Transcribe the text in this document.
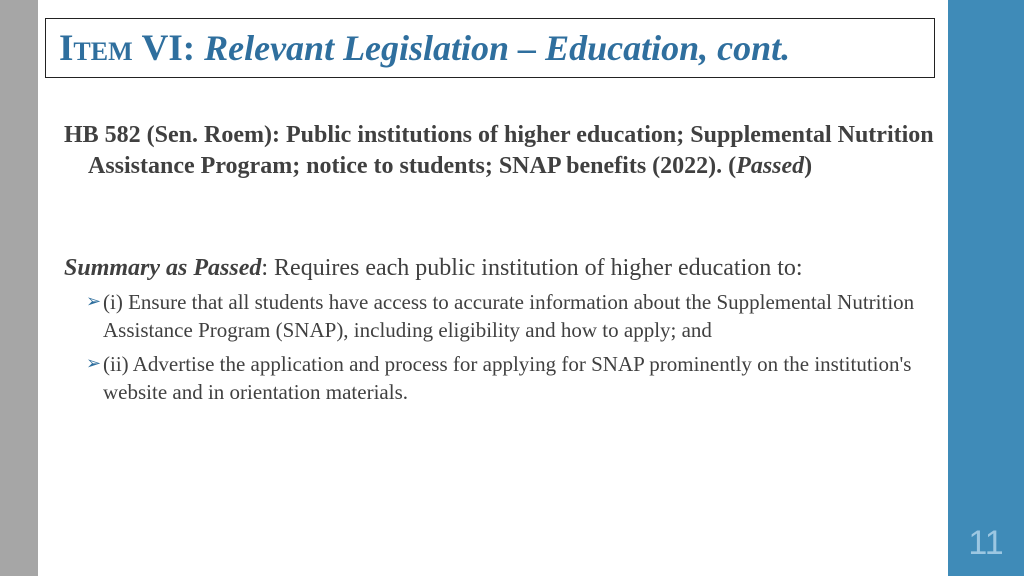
11
ITEM VI: Relevant Legislation – Education, cont.
HB 582 (Sen. Roem): Public institutions of higher education; Supplemental Nutrition Assistance Program; notice to students; SNAP benefits (2022). (Passed)
Summary as Passed: Requires each public institution of higher education to:
➢ (i) Ensure that all students have access to accurate information about the Supplemental Nutrition Assistance Program (SNAP), including eligibility and how to apply; and
➢ (ii) Advertise the application and process for applying for SNAP prominently on the institution's website and in orientation materials.
